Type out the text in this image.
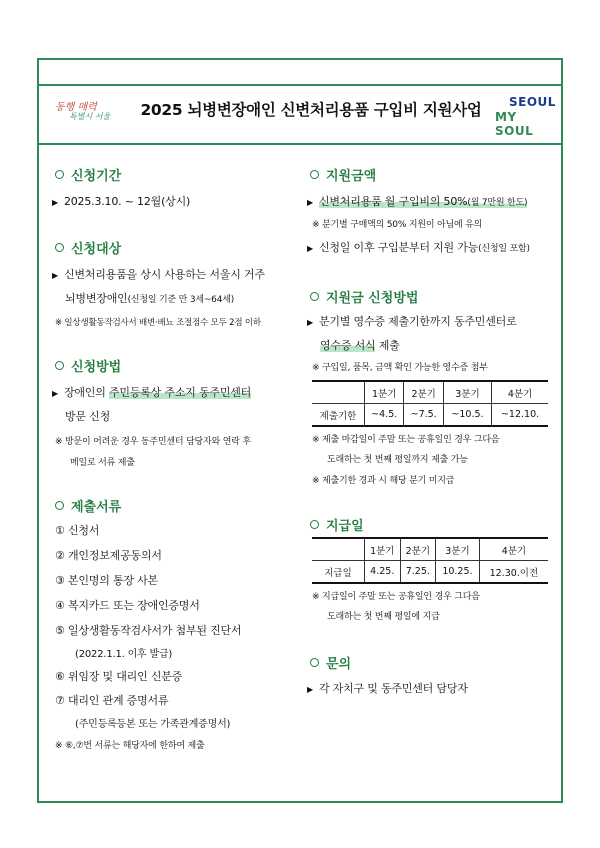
동행 매력
특별시 서울	2025 뇌병변장애인 신변처리용품 구입비 지원사업	SEOUL
MY SOUL
신청기간
▶ 2025.3.10. ~ 12월(상시)
신청대상
▶ 신변처리용품을 상시 사용하는 서울시 거주
뇌병변장애인(신청일 기준 만 3세~64세)
※ 일상생활동작검사서 배변·배뇨 조절점수 모두 2점 이하
신청방법
▶ 장애인의 주민등록상 주소지 동주민센터
방문 신청
※ 방문이 어려운 경우 동주민센터 담당자와 연락 후
메일로 서류 제출
제출서류
① 신청서
② 개인정보제공동의서
③ 본인명의 통장 사본
④ 복지카드 또는 장애인증명서
⑤ 일상생활동작검사서가 첨부된 진단서
(2022.1.1. 이후 발급)
⑥ 위임장 및 대리인 신분증
⑦ 대리인 관계 증명서류
(주민등록등본 또는 가족관계증명서)
※ ⑥,⑦번 서류는 해당자에 한하여 제출
지원금액
▶ 신변처리용품 월 구입비의 50%(월 7만원 한도)
※ 분기별 구매액의 50% 지원이 아님에 유의
▶ 신청일 이후 구입분부터 지원 가능(신청일 포함)
지원금 신청방법
▶ 분기별 영수증 제출기한까지 동주민센터로
영수증 서식 제출
※ 구입일, 품목, 금액 확인 가능한 영수증 첨부
	1분기	2분기	3분기	4분기
제출기한	~4.5.	~7.5.	~10.5.	~12.10.
※ 제출 마감일이 주말 또는 공휴일인 경우 그다음
도래하는 첫 번째 평일까지 제출 가능
※ 제출기한 경과 시 해당 분기 미지급
지급일
	1분기	2분기	3분기	4분기
지급일	4.25.	7.25.	10.25.	12.30.이전
※ 지급일이 주말 또는 공휴일인 경우 그다음
도래하는 첫 번째 평일에 지급
문의
▶ 각 자치구 및 동주민센터 담당자
